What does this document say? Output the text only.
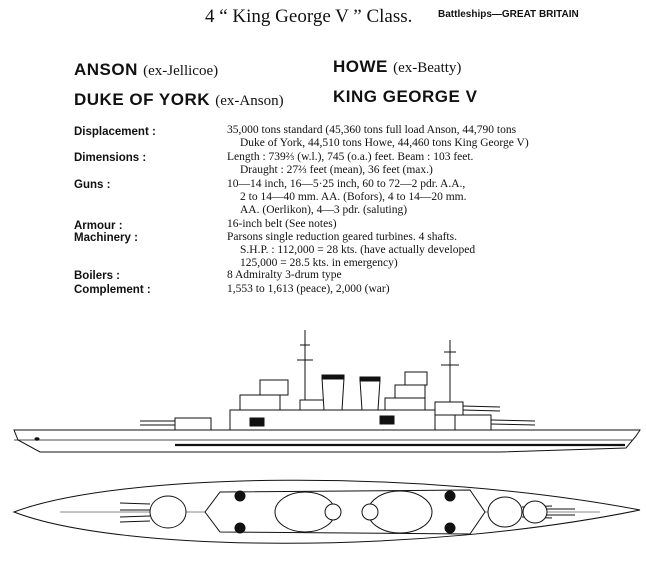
4 “ King George V ” Class.	Battleships—GREAT BRITAIN
ANSON (ex-Jellicoe)	HOWE (ex-Beatty)
DUKE OF YORK (ex-Anson)	KING GEORGE V
Displacement :	35,000 tons standard (45,360 tons full load Anson, 44,790 tons
Duke of York, 44,510 tons Howe, 44,460 tons King George V)
Dimensions :	Length : 739⅔ (w.l.), 745 (o.a.) feet. Beam : 103 feet.
Draught : 27⅔ feet (mean), 36 feet (max.)
Guns :	10—14 inch, 16—5·25 inch, 60 to 72—2 pdr. A.A.,
2 to 14—40 mm. AA. (Bofors), 4 to 14—20 mm.
AA. (Oerlikon), 4—3 pdr. (saluting)
Armour :	16-inch belt (See notes)
Machinery :	Parsons single reduction geared turbines. 4 shafts.
S.H.P. : 112,000 = 28 kts. (have actually developed
125,000 = 28.5 kts. in emergency)
Boilers :	8 Admiralty 3-drum type
Complement :	1,553 to 1,613 (peace), 2,000 (war)
